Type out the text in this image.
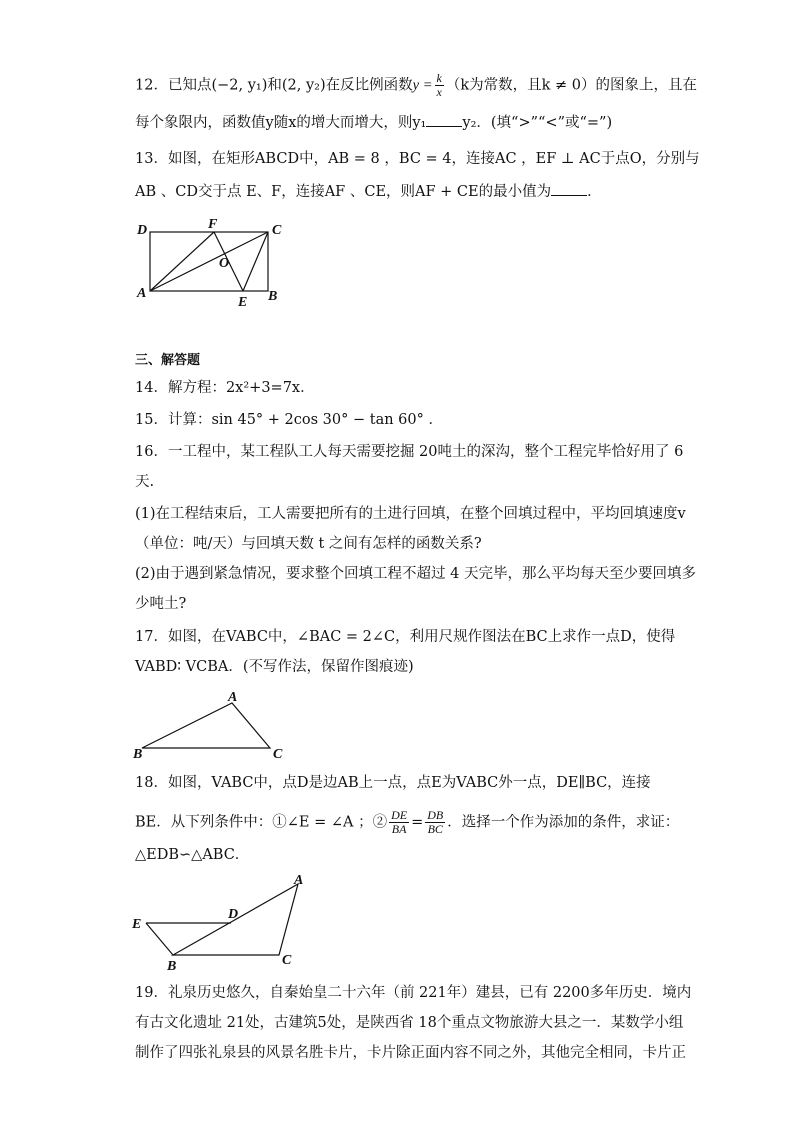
12．已知点(−2, y₁)和(2, y₂)在反比例函数$y = \frac{k}{x} (k$为常数，且k ≠ 0）的图象上，且在
每个象限内，函数值y随x的增大而增大，则y₁ y₂．(填“>”“<”或“=”)
13．如图，在矩形ABCD中，AB = 8 ，BC = 4，连接AC ，EF ⊥ AC于点O，分别与
AB 、CD交于点 E、F，连接AF 、CE，则AF + CE的最小值为 ．
D	F	C
O
A
E B
三、解答题
14．解方程：2x²+3=7x．
15．计算：sin 45° + 2cos 30° − tan 60° ．
16．一工程中，某工程队工人每天需要挖掘 20吨土的深沟，整个工程完毕恰好用了 6
天.
(1)在工程结束后，工人需要把所有的土进行回填，在整个回填过程中，平均回填速度v
（单位：吨/天）与回填天数 t 之间有怎样的函数关系?
(2)由于遇到紧急情况，要求整个回填工程不超过 4 天完毕，那么平均每天至少要回填多
少吨土?
17．如图，在VABC中，∠BAC = 2∠C，利用尺规作图法在BC上求作一点D，使得
VABD∶ VCBA．(不写作法，保留作图痕迹)
A
B	C
18．如图，VABC中，点D是边AB上一点，点E为VABC外一点，DE∥BC，连接
BE．从下列条件中：①∠E = ∠A ；② $\frac{DE}{BA} = \frac{DB}{BC}$ ．选择一个作为添加的条件，求证：
△EDB∽△ABC．
A
D
E
B	C
19．礼泉历史悠久，自秦始皇二十六年（前 221年）建县，已有 2200多年历史．境内
有古文化遗址 21处，古建筑5处，是陕西省 18个重点文物旅游大县之一．某数学小组
制作了四张礼泉县的风景名胜卡片，卡片除正面内容不同之外，其他完全相同，卡片正
